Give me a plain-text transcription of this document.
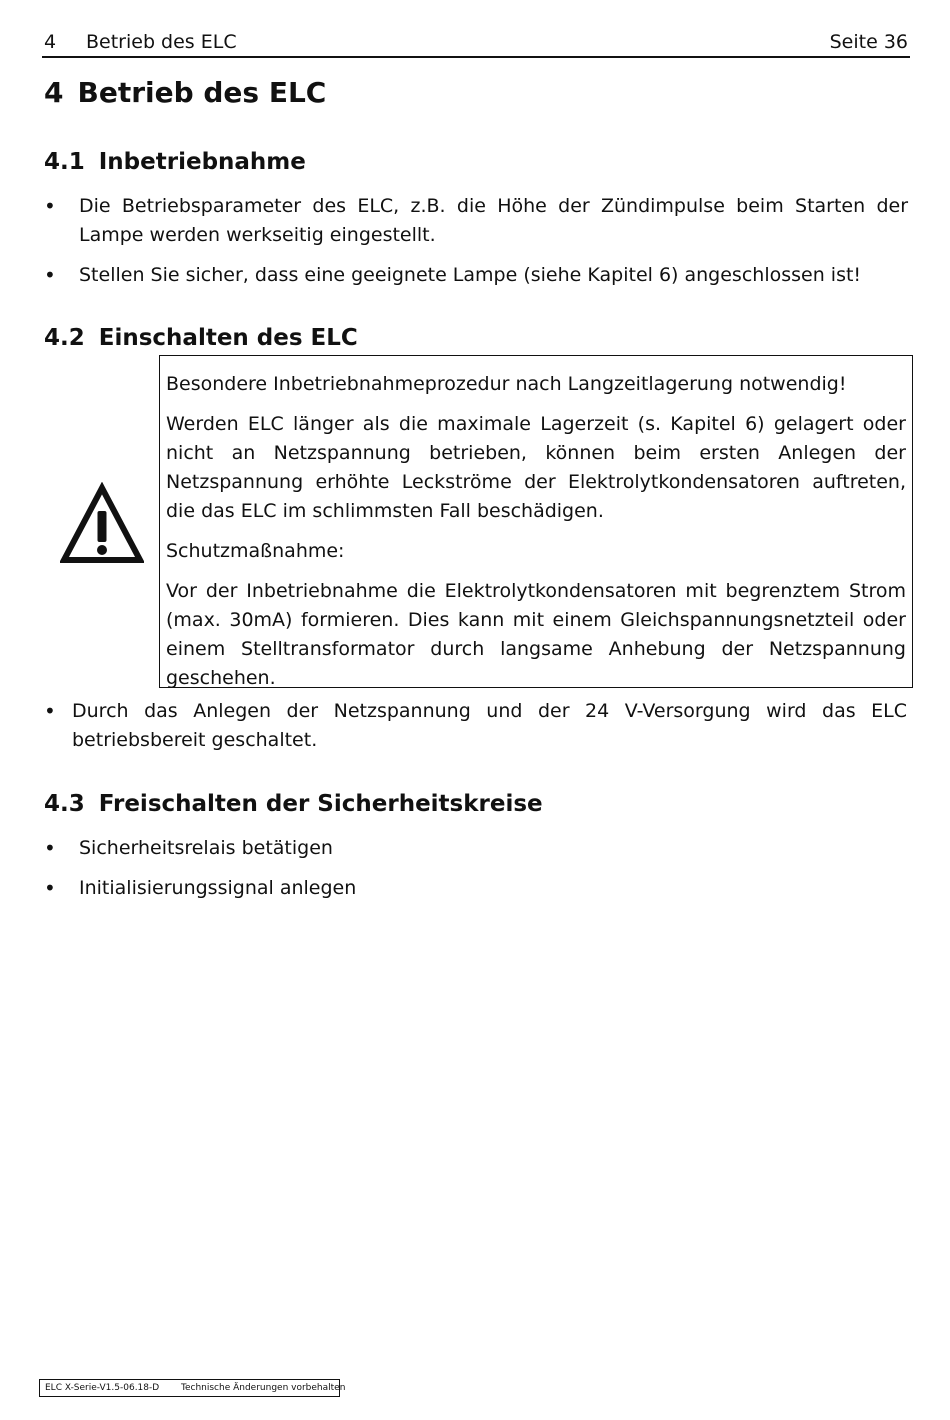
4 Betrieb des ELC	Seite 36
4 Betrieb des ELC
4.1 Inbetriebnahme
• Die Betriebsparameter des ELC, z.B. die Höhe der Zündimpulse beim Starten der Lampe werden werkseitig eingestellt.
• Stellen Sie sicher, dass eine geeignete Lampe (siehe Kapitel 6) angeschlossen ist!
4.2 Einschalten des ELC

Besondere Inbetriebnahmeprozedur nach Langzeitlagerung notwendig!

Werden ELC länger als die maximale Lagerzeit (s. Kapitel 6) gelagert oder nicht an Netzspannung betrieben, können beim ersten Anlegen der Netzspannung erhöhte Leckströme der Elektrolytkondensatoren auftreten, die das ELC im schlimmsten Fall beschädigen.

Schutzmaßnahme:

Vor der Inbetriebnahme die Elektrolytkondensatoren mit begrenztem Strom (max. 30mA) formieren. Dies kann mit einem Gleichspannungsnetzteil oder einem Stelltransformator durch langsame Anhebung der Netzspannung geschehen.

• Durch das Anlegen der Netzspannung und der 24 V-Versorgung wird das ELC betriebsbereit geschaltet.
4.3 Freischalten der Sicherheitskreise
• Sicherheitsrelais betätigen
• Initialisierungssignal anlegen
ELC X-Serie-V1.5-06.18-D Technische Änderungen vorbehalten
